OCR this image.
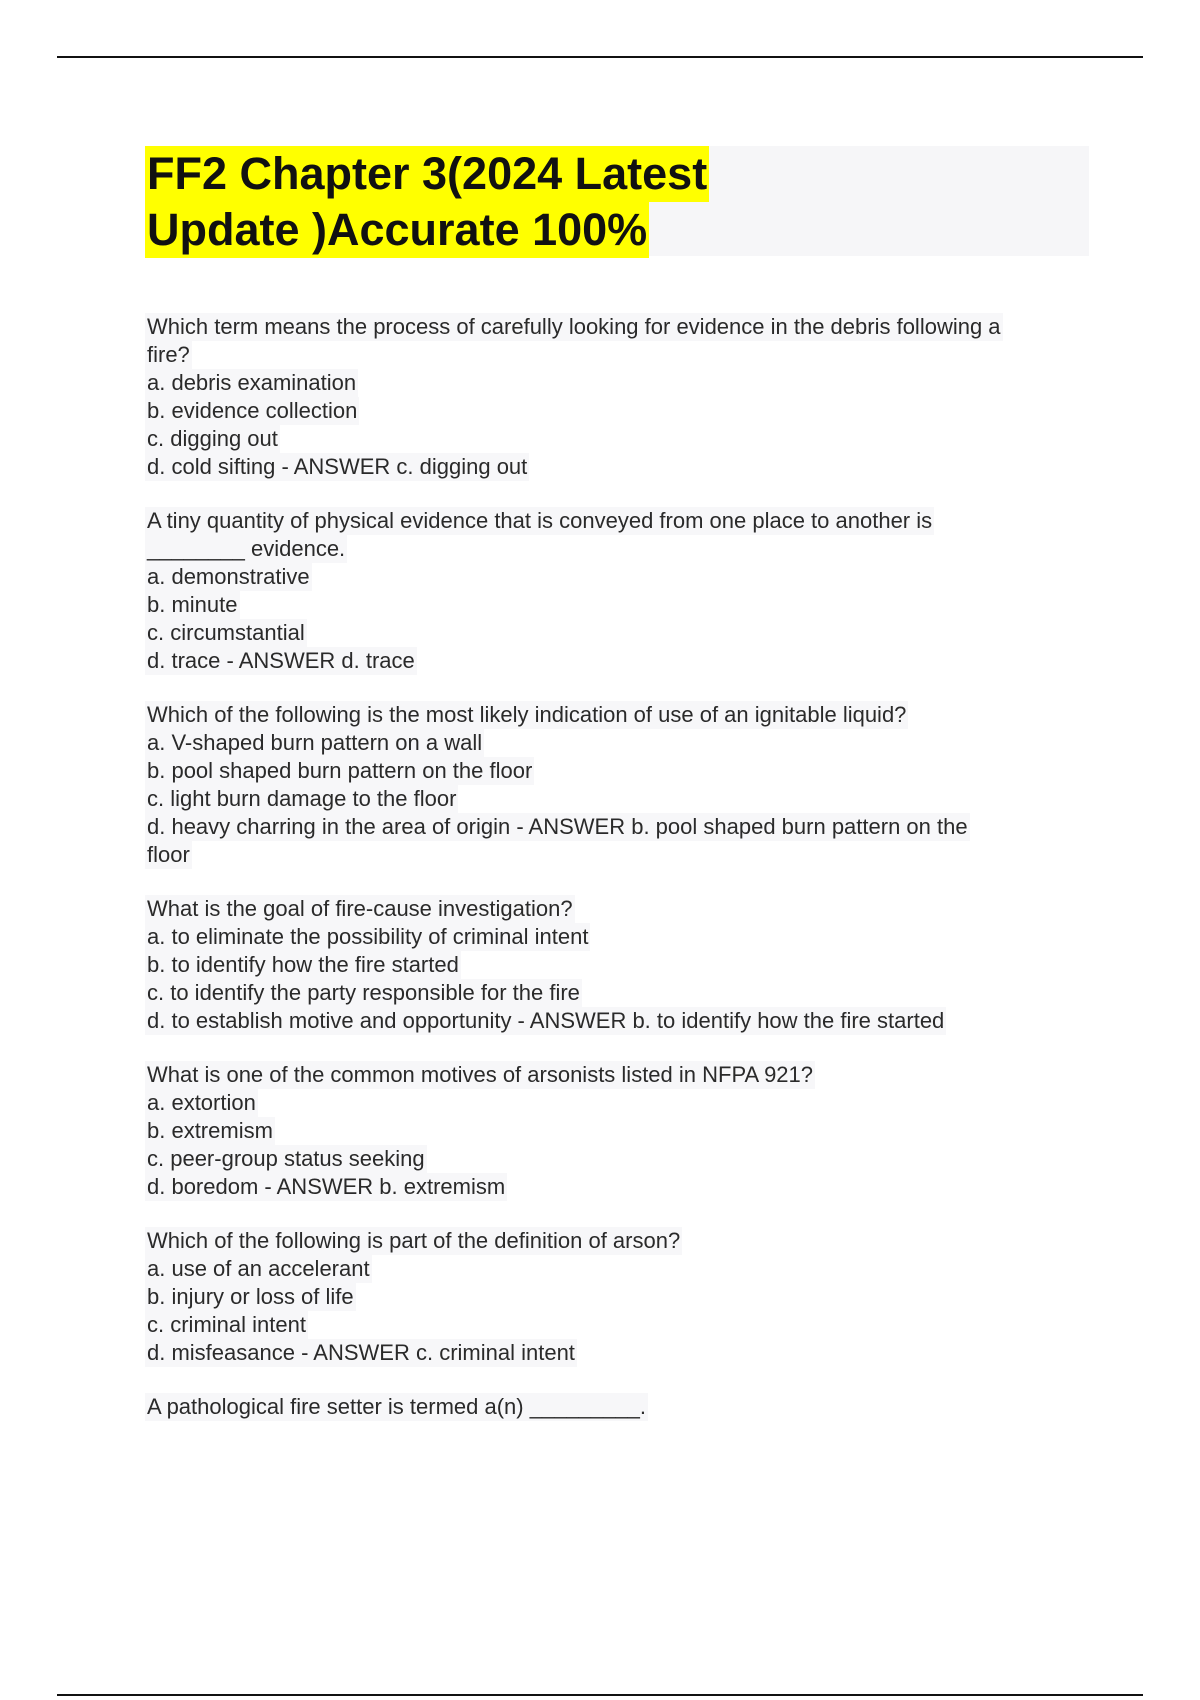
FF2 Chapter 3(2024 Latest
Update )Accurate 100%
Which term means the process of carefully looking for evidence in the debris following a
fire?
a. debris examination
b. evidence collection
c. digging out
d. cold sifting - ANSWER c. digging out
A tiny quantity of physical evidence that is conveyed from one place to another is
________ evidence.
a. demonstrative
b. minute
c. circumstantial
d. trace - ANSWER d. trace
Which of the following is the most likely indication of use of an ignitable liquid?
a. V-shaped burn pattern on a wall
b. pool shaped burn pattern on the floor
c. light burn damage to the floor
d. heavy charring in the area of origin - ANSWER b. pool shaped burn pattern on the
floor
What is the goal of fire-cause investigation?
a. to eliminate the possibility of criminal intent
b. to identify how the fire started
c. to identify the party responsible for the fire
d. to establish motive and opportunity - ANSWER b. to identify how the fire started
What is one of the common motives of arsonists listed in NFPA 921?
a. extortion
b. extremism
c. peer-group status seeking
d. boredom - ANSWER b. extremism
Which of the following is part of the definition of arson?
a. use of an accelerant
b. injury or loss of life
c. criminal intent
d. misfeasance - ANSWER c. criminal intent
A pathological fire setter is termed a(n) _________.
